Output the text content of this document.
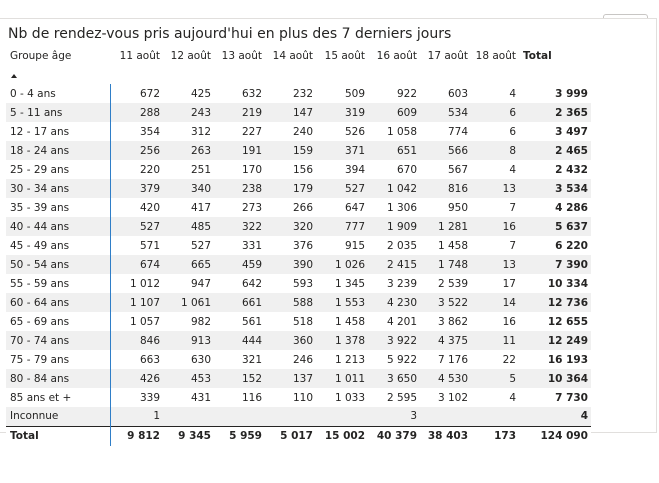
Nb de rendez-vous pris aujourd'hui en plus des 7 derniers jours
Groupe âge	11 août	12 août	13 août	14 août	15 août	16 août	17 août	18 août	Total
0 - 4 ans	672	425	632	232	509	922	603	4	3 999
5 - 11 ans	288	243	219	147	319	609	534	6	2 365
12 - 17 ans	354	312	227	240	526	1 058	774	6	3 497
18 - 24 ans	256	263	191	159	371	651	566	8	2 465
25 - 29 ans	220	251	170	156	394	670	567	4	2 432
30 - 34 ans	379	340	238	179	527	1 042	816	13	3 534
35 - 39 ans	420	417	273	266	647	1 306	950	7	4 286
40 - 44 ans	527	485	322	320	777	1 909	1 281	16	5 637
45 - 49 ans	571	527	331	376	915	2 035	1 458	7	6 220
50 - 54 ans	674	665	459	390	1 026	2 415	1 748	13	7 390
55 - 59 ans	1 012	947	642	593	1 345	3 239	2 539	17	10 334
60 - 64 ans	1 107	1 061	661	588	1 553	4 230	3 522	14	12 736
65 - 69 ans	1 057	982	561	518	1 458	4 201	3 862	16	12 655
70 - 74 ans	846	913	444	360	1 378	3 922	4 375	11	12 249
75 - 79 ans	663	630	321	246	1 213	5 922	7 176	22	16 193
80 - 84 ans	426	453	152	137	1 011	3 650	4 530	5	10 364
85 ans et +	339	431	116	110	1 033	2 595	3 102	4	7 730
Inconnue	1					3			4
Total	9 812	9 345	5 959	5 017	15 002	40 379	38 403	173	124 090
